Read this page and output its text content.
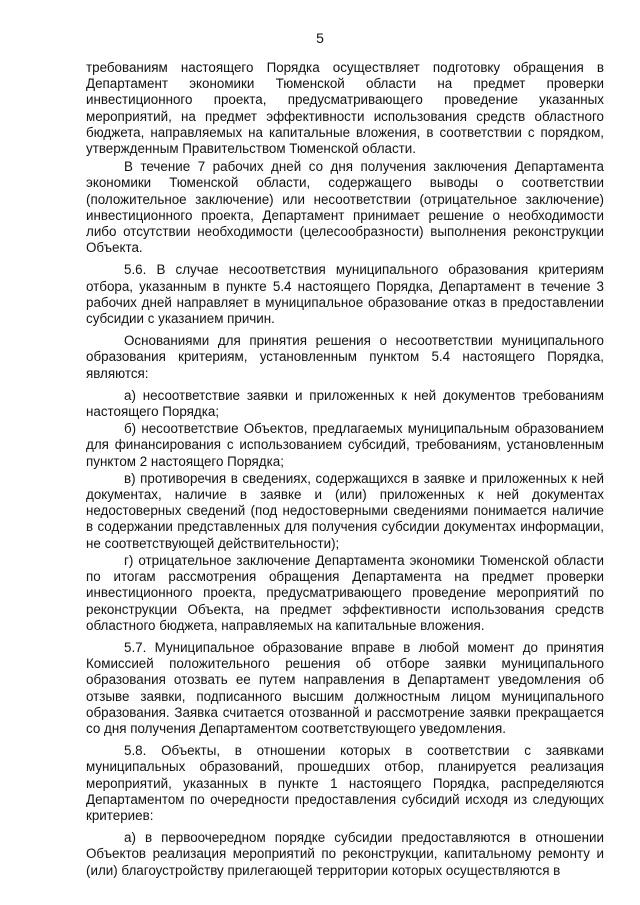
5

требованиям настоящего Порядка осуществляет подготовку обращения в Департамент экономики Тюменской области на предмет проверки инвестиционного проекта, предусматривающего проведение указанных мероприятий, на предмет эффективности использования средств областного бюджета, направляемых на капитальные вложения, в соответствии с порядком, утвержденным Правительством Тюменской области.

В течение 7 рабочих дней со дня получения заключения Департамента экономики Тюменской области, содержащего выводы о соответствии (положительное заключение) или несоответствии (отрицательное заключение) инвестиционного проекта, Департамент принимает решение о необходимости либо отсутствии необходимости (целесообразности) выполнения реконструкции Объекта.

5.6. В случае несоответствия муниципального образования критериям отбора, указанным в пункте 5.4 настоящего Порядка, Департамент в течение 3 рабочих дней направляет в муниципальное образование отказ в предоставлении субсидии с указанием причин.

Основаниями для принятия решения о несоответствии муниципального образования критериям, установленным пунктом 5.4 настоящего Порядка, являются:

а) несоответствие заявки и приложенных к ней документов требованиям настоящего Порядка;

б) несоответствие Объектов, предлагаемых муниципальным образованием для финансирования с использованием субсидий, требованиям, установленным пунктом 2 настоящего Порядка;

в) противоречия в сведениях, содержащихся в заявке и приложенных к ней документах, наличие в заявке и (или) приложенных к ней документах недостоверных сведений (под недостоверными сведениями понимается наличие в содержании представленных для получения субсидии документах информации, не соответствующей действительности);

г) отрицательное заключение Департамента экономики Тюменской области по итогам рассмотрения обращения Департамента на предмет проверки инвестиционного проекта, предусматривающего проведение мероприятий по реконструкции Объекта, на предмет эффективности использования средств областного бюджета, направляемых на капитальные вложения.

5.7. Муниципальное образование вправе в любой момент до принятия Комиссией положительного решения об отборе заявки муниципального образования отозвать ее путем направления в Департамент уведомления об отзыве заявки, подписанного высшим должностным лицом муниципального образования. Заявка считается отозванной и рассмотрение заявки прекращается со дня получения Департаментом соответствующего уведомления.

5.8. Объекты, в отношении которых в соответствии с заявками муниципальных образований, прошедших отбор, планируется реализация мероприятий, указанных в пункте 1 настоящего Порядка, распределяются Департаментом по очередности предоставления субсидий исходя из следующих критериев:

а) в первоочередном порядке субсидии предоставляются в отношении Объектов реализация мероприятий по реконструкции, капитальному ремонту и (или) благоустройству прилегающей территории которых осуществляются в
